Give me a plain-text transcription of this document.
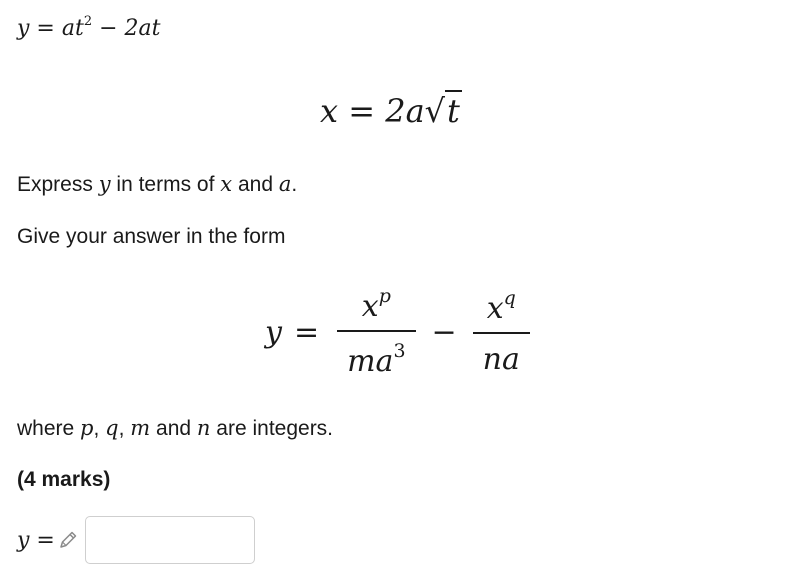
$y = at^2 - 2at$
x = 2a√t

Express y in terms of x and a.

Give your answer in the form

$y = \frac{x^p}{ma^3} - \frac{x^q}{na}$

where p, q, m and n are integers.

(4 marks)

y =
